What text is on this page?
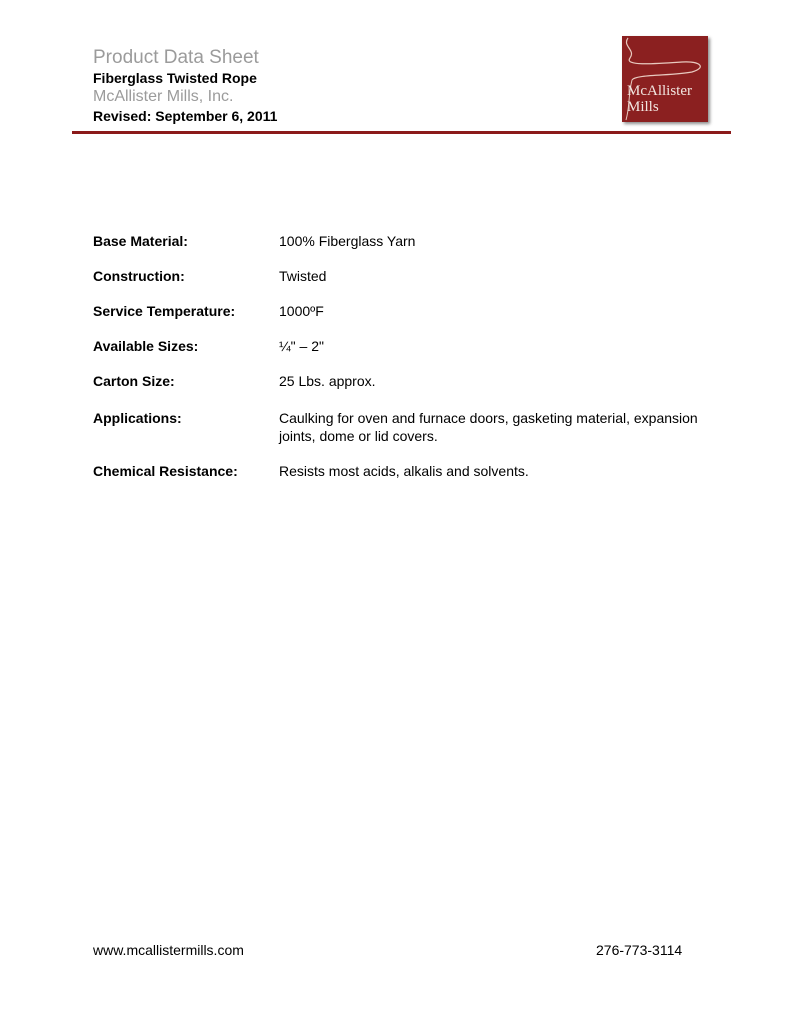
Product Data Sheet
Fiberglass Twisted Rope
McAllister Mills, Inc.
Revised: September 6, 2011
McAllister
Mills
Base Material:	100% Fiberglass Yarn
Construction:	Twisted
Service Temperature:	1000ºF
Available Sizes:	¼" – 2"
Carton Size:	25 Lbs. approx.
Applications:	Caulking for oven and furnace doors, gasketing material, expansion joints, dome or lid covers.
Chemical Resistance:	Resists most acids, alkalis and solvents.
www.mcallistermills.com	276-773-3114
